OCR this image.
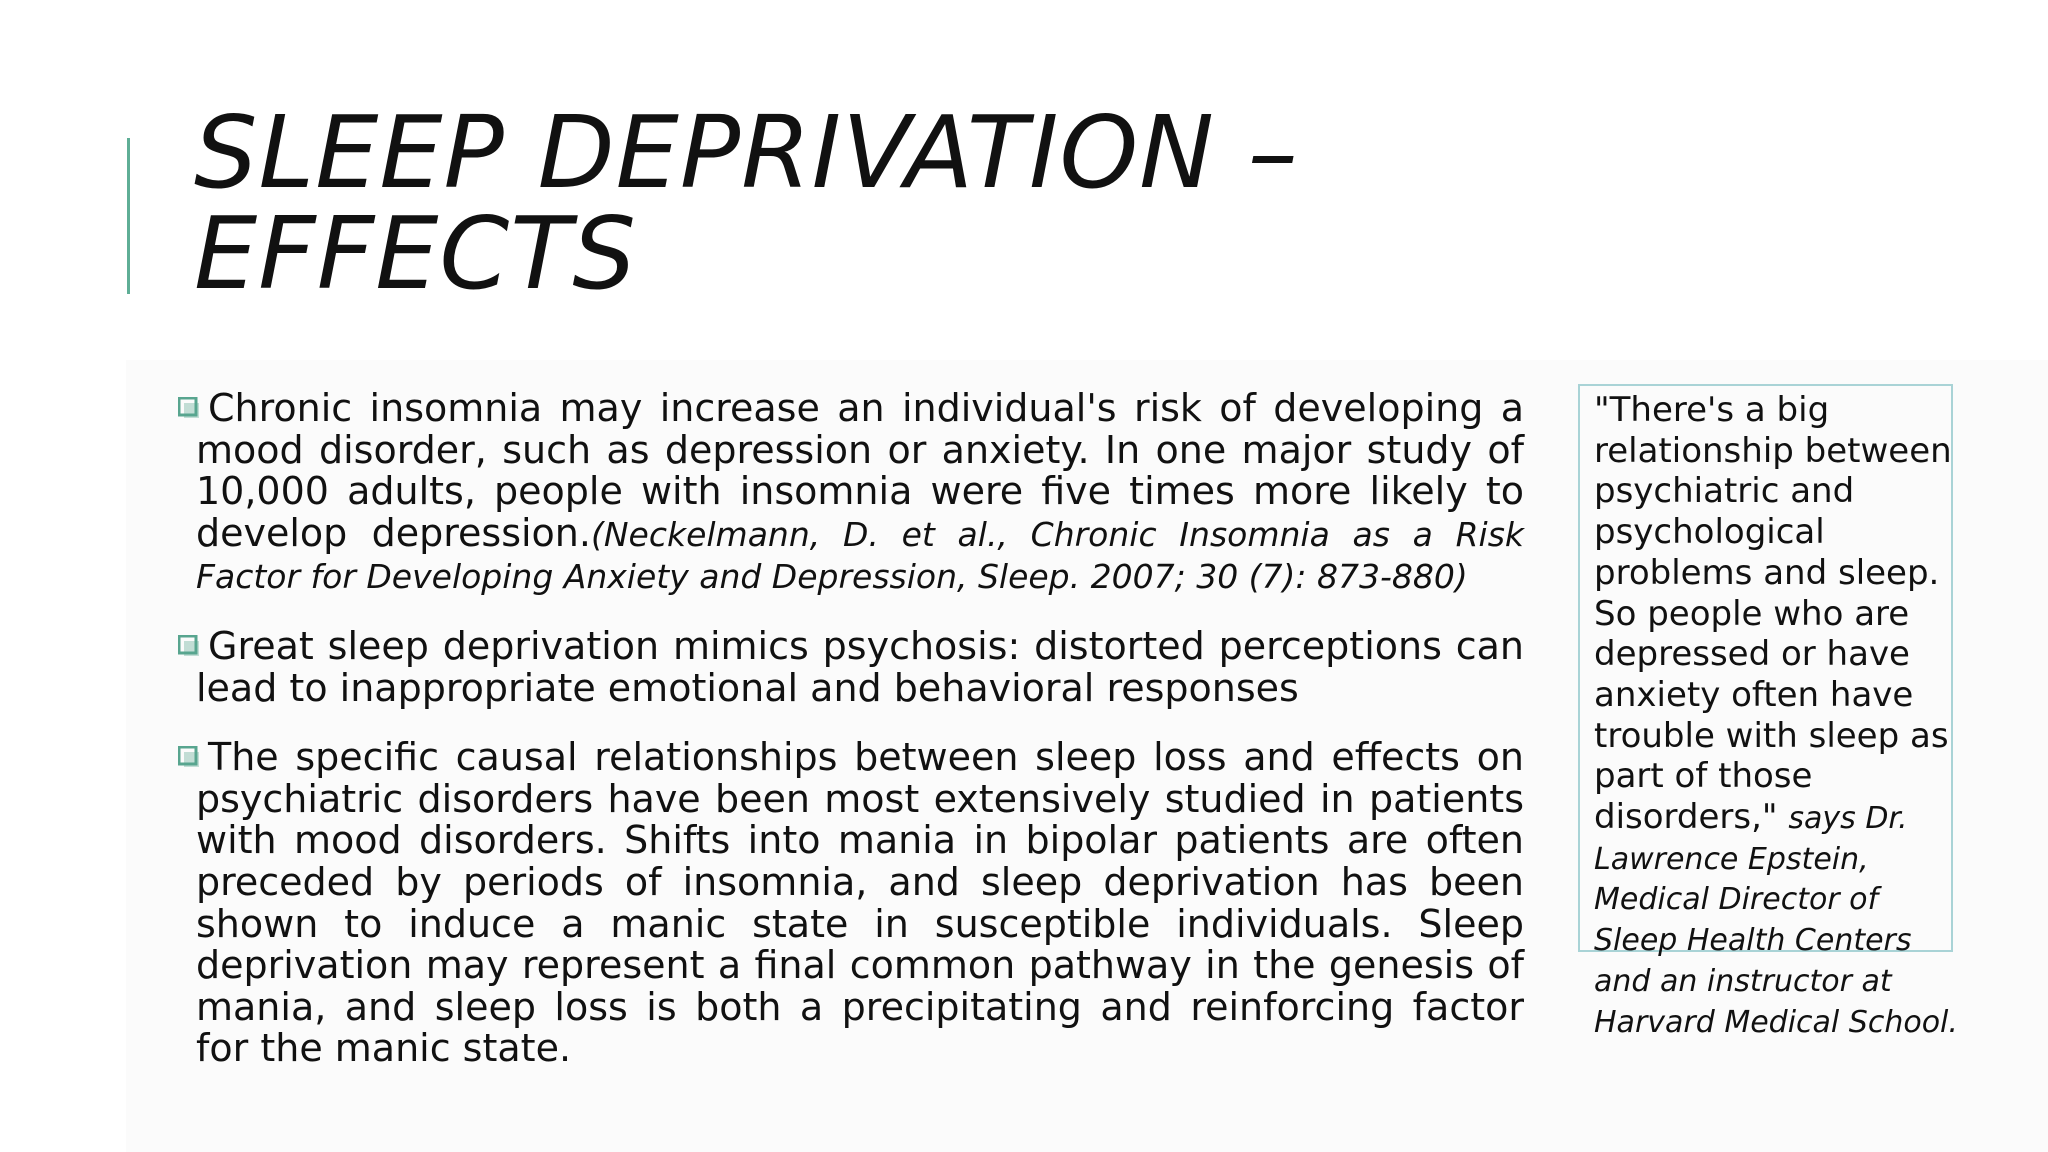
SLEEP DEPRIVATION –
EFFECTS

Chronic insomnia may increase an individual's risk of developing a mood disorder, such as depression or anxiety. In one major study of 10,000 adults, people with insomnia were five times more likely to develop depression.(Neckelmann, D. et al., Chronic Insomnia as a Risk Factor for Developing Anxiety and Depression, Sleep. 2007; 30 (7): 873-880)

Great sleep deprivation mimics psychosis: distorted perceptions can lead to inappropriate emotional and behavioral responses

The specific causal relationships between sleep loss and effects on psychiatric disorders have been most extensively studied in patients with mood disorders. Shifts into mania in bipolar patients are often preceded by periods of insomnia, and sleep deprivation has been shown to induce a manic state in susceptible individuals. Sleep deprivation may represent a final common pathway in the genesis of mania, and sleep loss is both a precipitating and reinforcing factor for the manic state.

"There's a big relationship between psychiatric and psychological problems and sleep. So people who are depressed or have anxiety often have trouble with sleep as part of those disorders," says Dr. Lawrence Epstein, Medical Director of Sleep Health Centers and an instructor at Harvard Medical School.
